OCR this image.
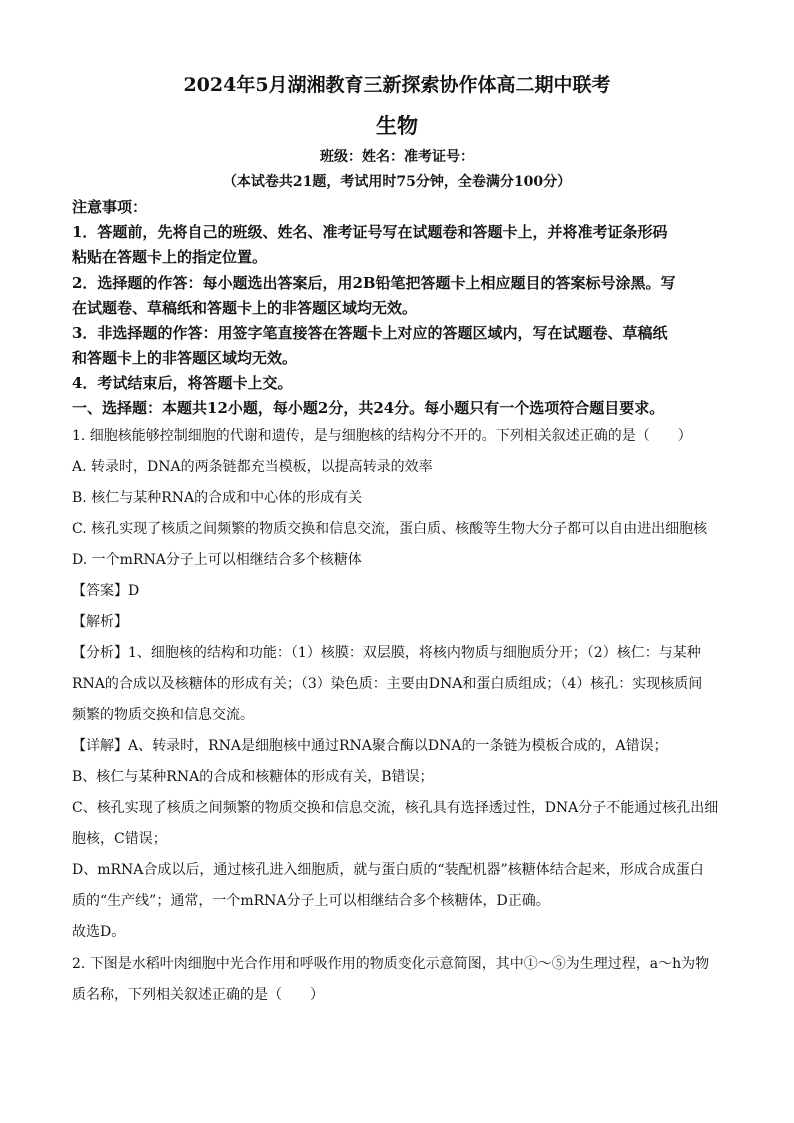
2024年5月湖湘教育三新探索协作体高二期中联考
生物
班级：姓名：准考证号：
（本试卷共21题，考试用时75分钟，全卷满分100分）
注意事项：
1．答题前，先将自己的班级、姓名、准考证号写在试题卷和答题卡上，并将准考证条形码
粘贴在答题卡上的指定位置。
2．选择题的作答：每小题选出答案后，用2B铅笔把答题卡上相应题目的答案标号涂黑。写
在试题卷、草稿纸和答题卡上的非答题区域均无效。
3．非选择题的作答：用签字笔直接答在答题卡上对应的答题区域内，写在试题卷、草稿纸
和答题卡上的非答题区域均无效。
4．考试结束后，将答题卡上交。
一、选择题：本题共12小题，每小题2分，共24分。每小题只有一个选项符合题目要求。
1. 细胞核能够控制细胞的代谢和遗传，是与细胞核的结构分不开的。下列相关叙述正确的是（　　）
A. 转录时，DNA的两条链都充当模板，以提高转录的效率
B. 核仁与某种RNA的合成和中心体的形成有关
C. 核孔实现了核质之间频繁的物质交换和信息交流，蛋白质、核酸等生物大分子都可以自由进出细胞核
D. 一个mRNA分子上可以相继结合多个核糖体
【答案】D
【解析】
【分析】1、细胞核的结构和功能：（1）核膜：双层膜，将核内物质与细胞质分开；（2）核仁：与某种
RNA的合成以及核糖体的形成有关；（3）染色质：主要由DNA和蛋白质组成；（4）核孔：实现核质间
频繁的物质交换和信息交流。
【详解】A、转录时，RNA是细胞核中通过RNA聚合酶以DNA的一条链为模板合成的，A错误；
B、核仁与某种RNA的合成和核糖体的形成有关，B错误；
C、核孔实现了核质之间频繁的物质交换和信息交流，核孔具有选择透过性，DNA分子不能通过核孔出细
胞核，C错误；
D、mRNA合成以后，通过核孔进入细胞质，就与蛋白质的“装配机器”核糖体结合起来，形成合成蛋白
质的“生产线”；通常，一个mRNA分子上可以相继结合多个核糖体，D正确。
故选D。
2. 下图是水稻叶肉细胞中光合作用和呼吸作用的物质变化示意简图，其中①～⑤为生理过程，a～h为物
质名称，下列相关叙述正确的是（　　）
